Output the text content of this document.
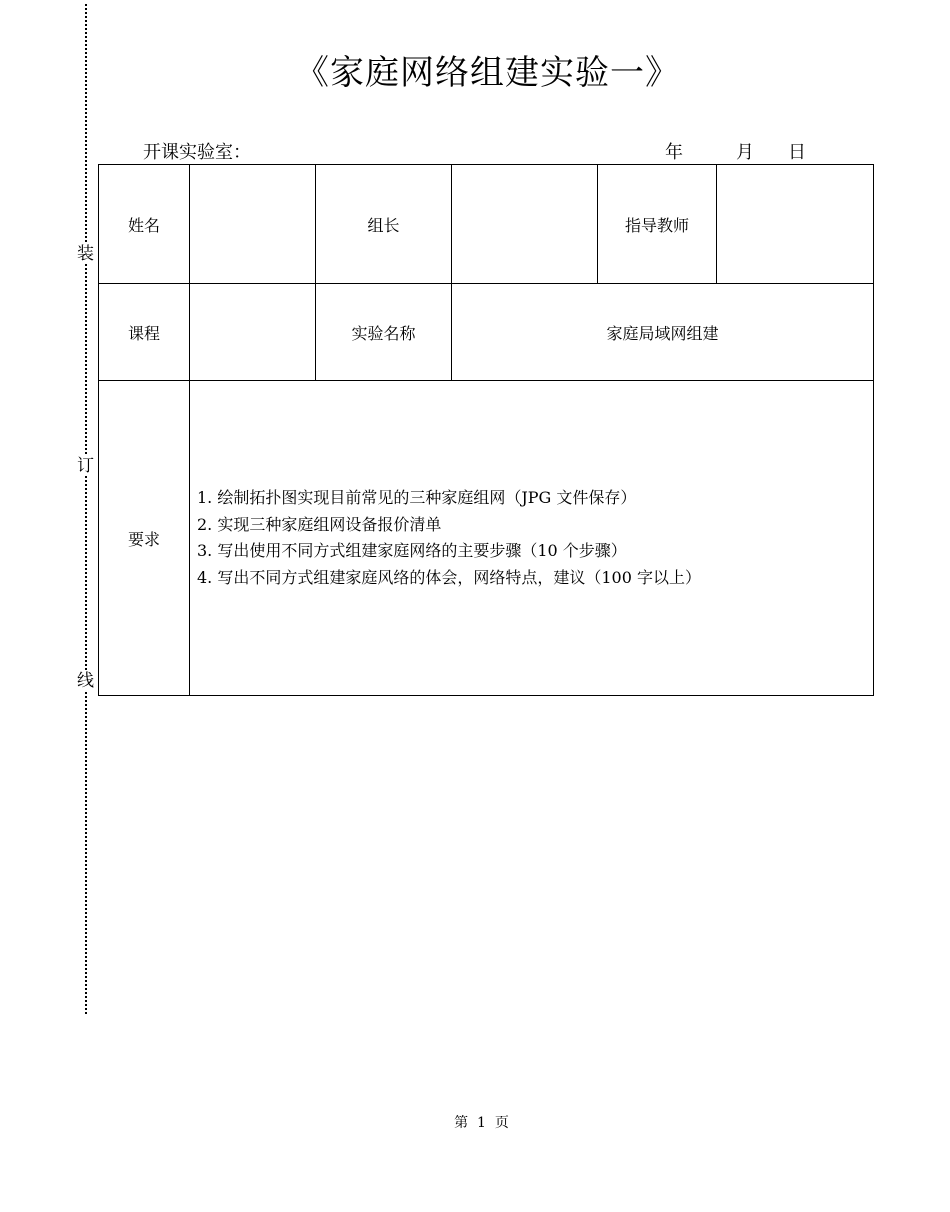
装
订
线
《家庭网络组建实验一》
开课实验室：	年	月 日
姓名		组长		指导教师	
课程		实验名称	家庭局域网组建		
要求	1. 绘制拓扑图实现目前常见的三种家庭组网（JPG 文件保存）
2. 实现三种家庭组网设备报价清单
3. 写出使用不同方式组建家庭网络的主要步骤（10 个步骤）
4. 写出不同方式组建家庭风络的体会，网络特点，建议（100 字以上）				
第  1  页
